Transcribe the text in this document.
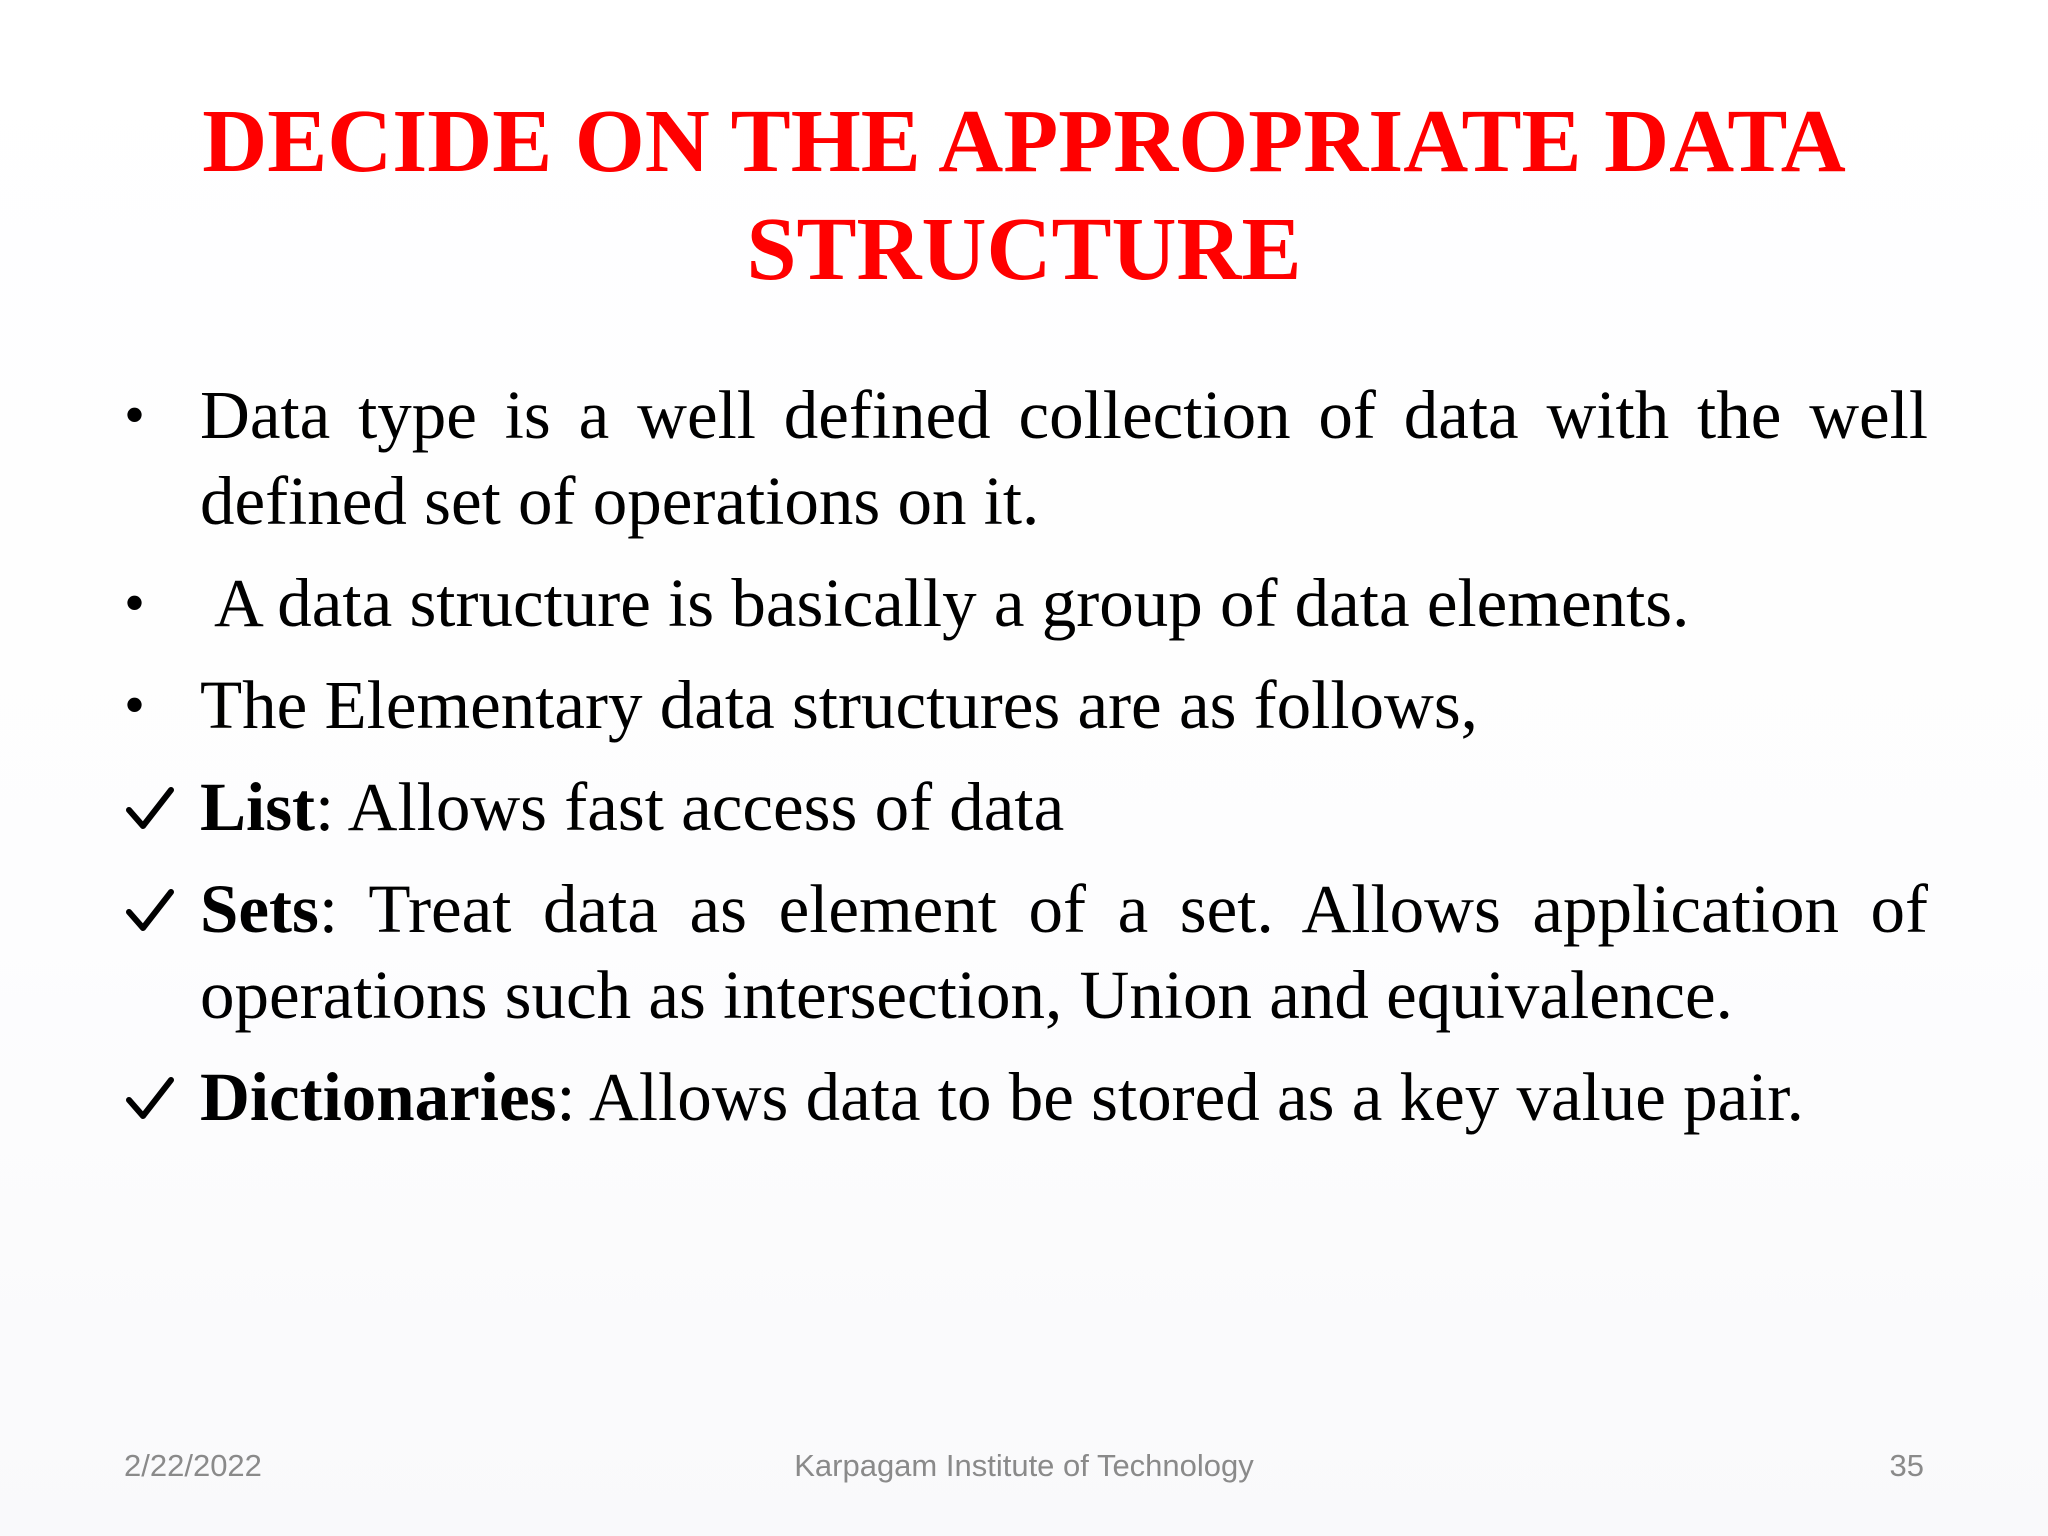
DECIDE ON THE APPROPRIATE DATA
STRUCTURE
• Data type is a well defined collection of data with the well defined set of operations on it.
• A data structure is basically a group of data elements.
• The Elementary data structures are as follows,
List: Allows fast access of data
Sets: Treat data as element of a set. Allows application of operations such as intersection, Union and equivalence.
Dictionaries: Allows data to be stored as a key value pair.
2/22/2022	Karpagam Institute of Technology	35
